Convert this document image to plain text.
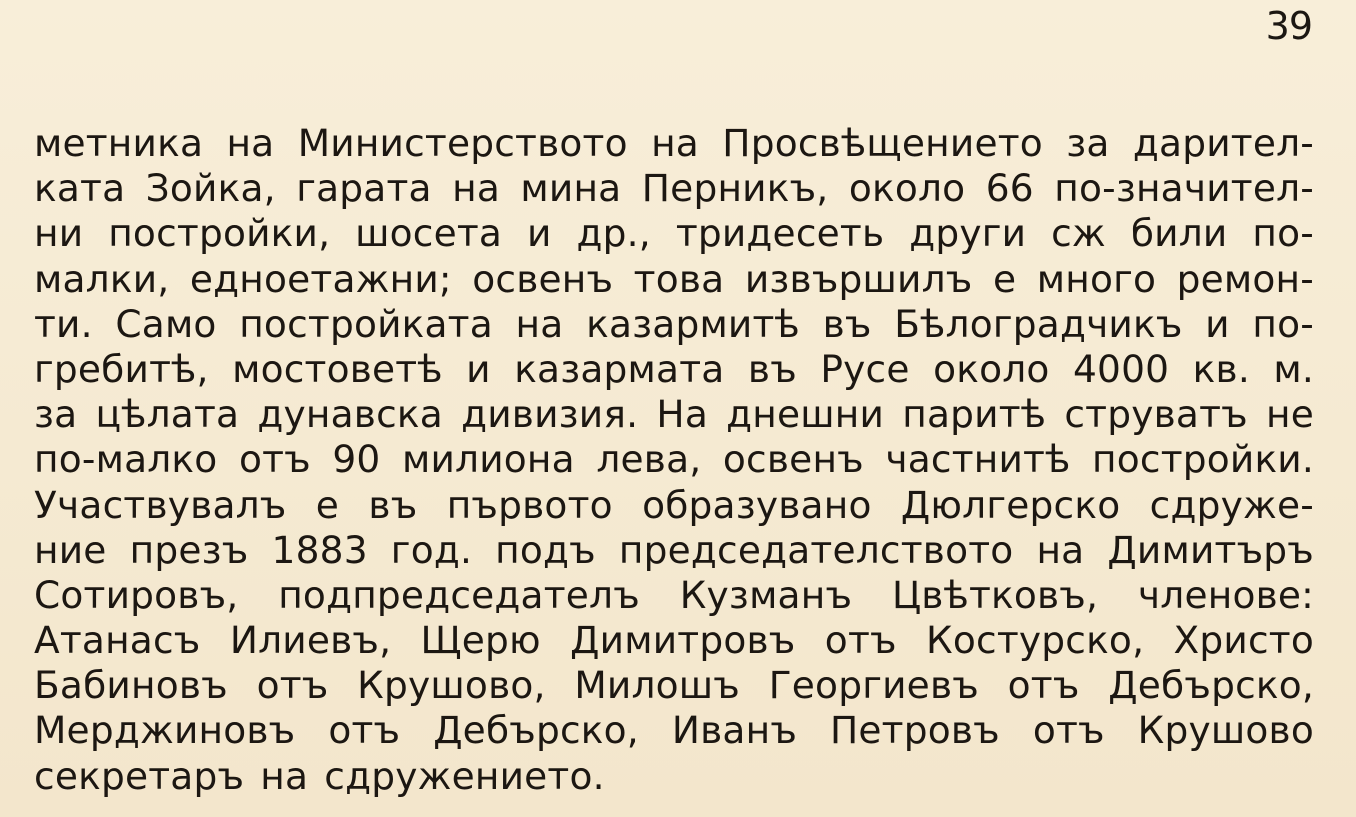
39
метника на Министерството на Просвѣщението за дарител-
ката Зойка, гарата на мина Перникъ, около 66 по-значител-
ни постройки, шосета и др., тридесеть други сж били по-
малки, едноетажни; освенъ това извършилъ е много ремон-
ти. Само постройката на казармитѣ въ Бѣлоградчикъ и по-
гребитѣ, мостоветѣ и казармата въ Русе около 4000 кв. м.
за цѣлата дунавска дивизия. На днешни паритѣ струватъ не
по-малко отъ 90 милиона лева, освенъ частнитѣ постройки.
Участвувалъ е въ първото образувано Дюлгерско сдруже-
ние презъ 1883 год. подъ председателството на Димитъръ
Сотировъ, подпредседателъ Кузманъ Цвѣтковъ, членове:
Атанасъ Илиевъ, Щерю Димитровъ отъ Костурско, Христо
Бабиновъ отъ Крушово, Милошъ Георгиевъ отъ Дебърско,
Мерджиновъ отъ Дебърско, Иванъ Петровъ отъ Крушово
секретаръ на сдружението.
